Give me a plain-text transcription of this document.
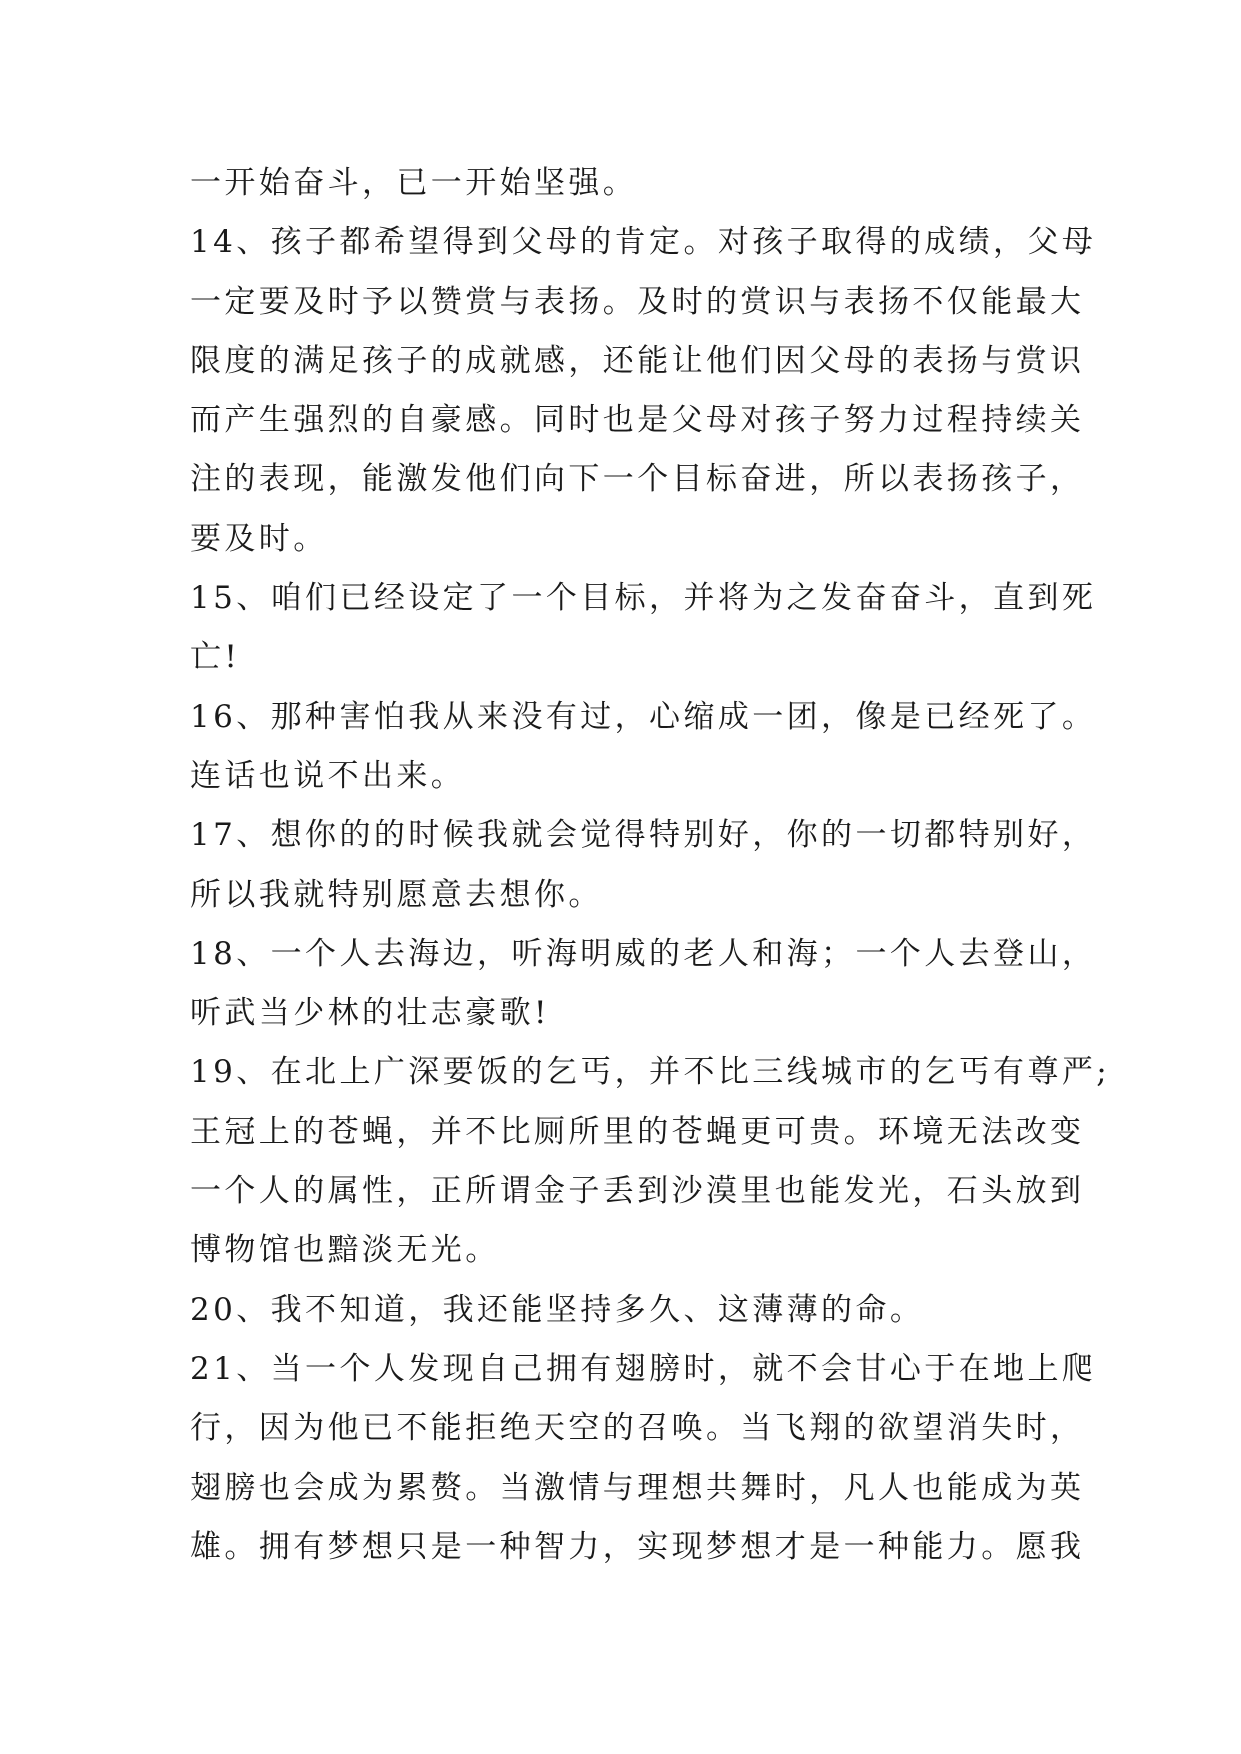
一开始奋斗，已一开始坚强。
14、孩子都希望得到父母的肯定。对孩子取得的成绩，父母
一定要及时予以赞赏与表扬。及时的赏识与表扬不仅能最大
限度的满足孩子的成就感，还能让他们因父母的表扬与赏识
而产生强烈的自豪感。同时也是父母对孩子努力过程持续关
注的表现，能激发他们向下一个目标奋进，所以表扬孩子，
要及时。
15、咱们已经设定了一个目标，并将为之发奋奋斗，直到死
亡!
16、那种害怕我从来没有过，心缩成一团，像是已经死了。
连话也说不出来。
17、想你的的时候我就会觉得特别好，你的一切都特别好，
所以我就特别愿意去想你。
18、一个人去海边，听海明威的老人和海；一个人去登山，
听武当少林的壮志豪歌!
19、在北上广深要饭的乞丐，并不比三线城市的乞丐有尊严;
王冠上的苍蝇，并不比厕所里的苍蝇更可贵。环境无法改变
一个人的属性，正所谓金子丢到沙漠里也能发光，石头放到
博物馆也黯淡无光。
20、我不知道，我还能坚持多久、这薄薄的命。
21、当一个人发现自己拥有翅膀时，就不会甘心于在地上爬
行，因为他已不能拒绝天空的召唤。当飞翔的欲望消失时，
翅膀也会成为累赘。当激情与理想共舞时，凡人也能成为英
雄。拥有梦想只是一种智力，实现梦想才是一种能力。愿我
